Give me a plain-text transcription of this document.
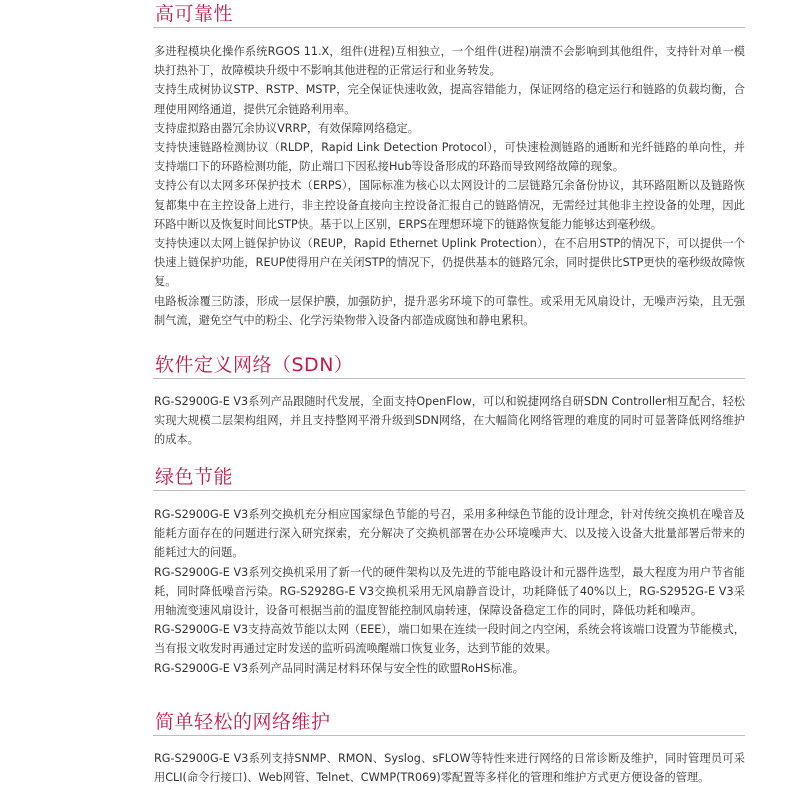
高可靠性

多进程模块化操作系统RGOS 11.X，组件(进程)互相独立，一个组件(进程)崩溃不会影响到其他组件，支持针对单一模块打热补丁，故障模块升级中不影响其他进程的正常运行和业务转发。

支持生成树协议STP、RSTP、MSTP，完全保证快速收敛，提高容错能力，保证网络的稳定运行和链路的负载均衡，合理使用网络通道，提供冗余链路利用率。

支持虚拟路由器冗余协议VRRP，有效保障网络稳定。

支持快速链路检测协议（RLDP，Rapid Link Detection Protocol），可快速检测链路的通断和光纤链路的单向性，并支持端口下的环路检测功能，防止端口下因私接Hub等设备形成的环路而导致网络故障的现象。

支持公有以太网多环保护技术（ERPS），国际标准为核心以太网设计的二层链路冗余备份协议，其环路阻断以及链路恢复都集中在主控设备上进行，非主控设备直接向主控设备汇报自己的链路情况，无需经过其他非主控设备的处理，因此环路中断以及恢复时间比STP快。基于以上区别，ERPS在理想环境下的链路恢复能力能够达到毫秒级。

支持快速以太网上链保护协议（REUP，Rapid Ethernet Uplink Protection），在不启用STP的情况下，可以提供一个快速上链保护功能，REUP使得用户在关闭STP的情况下，仍提供基本的链路冗余，同时提供比STP更快的毫秒级故障恢复。

电路板涂覆三防漆，形成一层保护膜，加强防护，提升恶劣环境下的可靠性。或采用无风扇设计，无噪声污染，且无强制气流，避免空气中的粉尘、化学污染物带入设备内部造成腐蚀和静电累积。

软件定义网络（SDN）

RG-S2900G-E V3系列产品跟随时代发展，全面支持OpenFlow，可以和锐捷网络自研SDN Controller相互配合，轻松实现大规模二层架构组网，并且支持整网平滑升级到SDN网络，在大幅简化网络管理的难度的同时可显著降低网络维护的成本。

绿色节能

RG-S2900G-E V3系列交换机充分相应国家绿色节能的号召，采用多种绿色节能的设计理念，针对传统交换机在噪音及能耗方面存在的问题进行深入研究探索，充分解决了交换机部署在办公环境噪声大、以及接入设备大批量部署后带来的能耗过大的问题。

RG-S2900G-E V3系列交换机采用了新一代的硬件架构以及先进的节能电路设计和元器件选型，最大程度为用户节省能耗，同时降低噪音污染。RG-S2928G-E V3交换机采用无风扇静音设计，功耗降低了40%以上，RG-S2952G-E V3采用轴流变速风扇设计，设备可根据当前的温度智能控制风扇转速，保障设备稳定工作的同时，降低功耗和噪声。

RG-S2900G-E V3支持高效节能以太网（EEE），端口如果在连续一段时间之内空闲，系统会将该端口设置为节能模式，当有报文收发时再通过定时发送的监听码流唤醒端口恢复业务，达到节能的效果。

RG-S2900G-E V3系列产品同时满足材料环保与安全性的欧盟RoHS标准。

简单轻松的网络维护

RG-S2900G-E V3系列支持SNMP、RMON、Syslog、sFLOW等特性来进行网络的日常诊断及维护，同时管理员可采用CLI(命令行接口)、Web网管、Telnet、CWMP(TR069)零配置等多样化的管理和维护方式更方便设备的管理。
